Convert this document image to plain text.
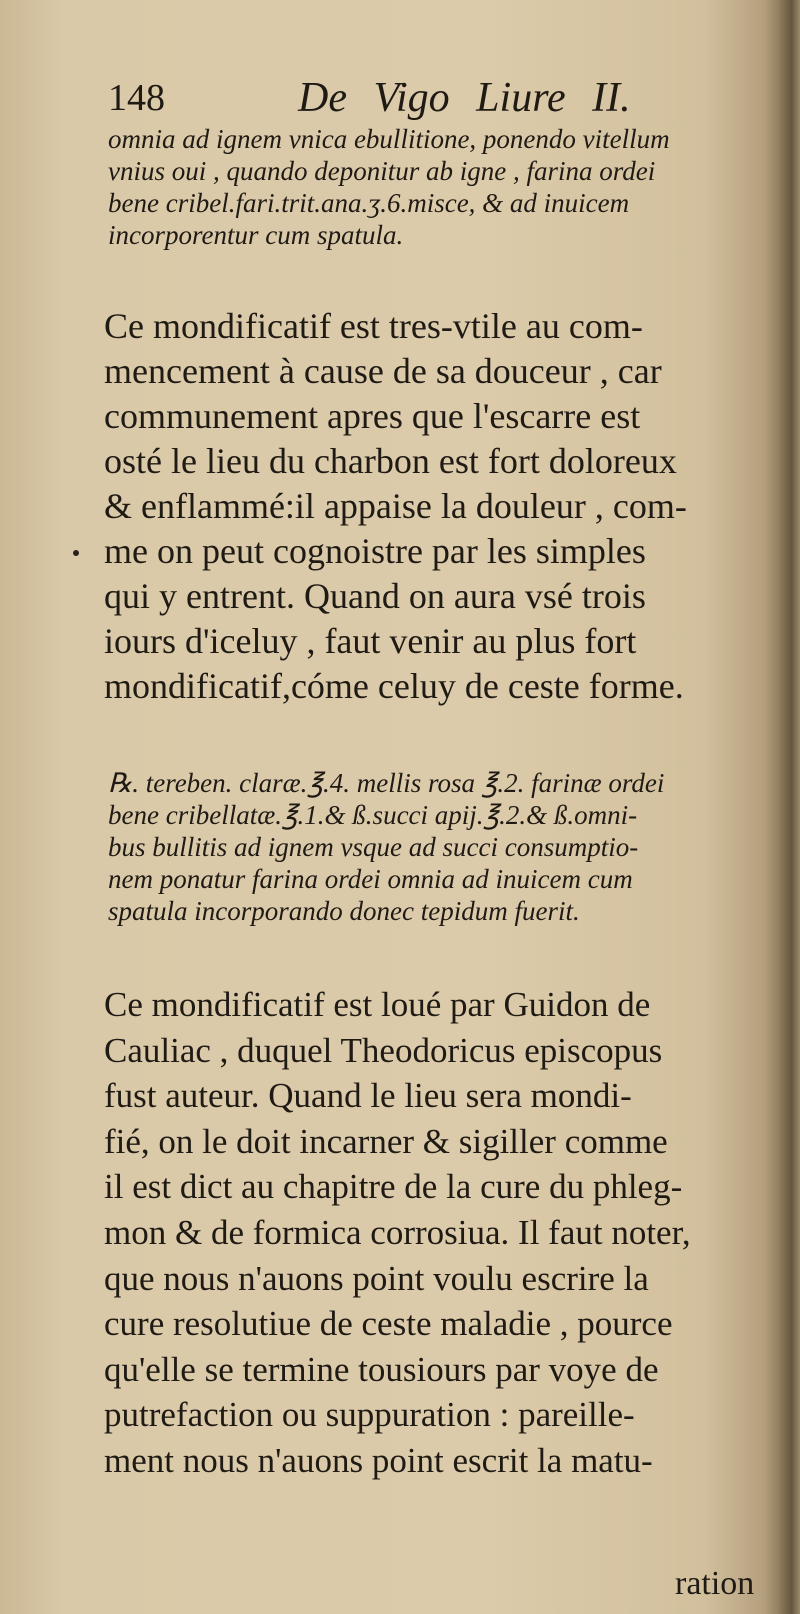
148	De Vigo Liure II.
omnia ad ignem vnica ebullitione, ponendo vitellum
vnius oui , quando deponitur ab igne , farina ordei
bene cribel.fari.trit.ana.ʒ.6.misce, & ad inuicem
incorporentur cum spatula.
Ce mondificatif est tres-vtile au com-
mencement à cause de sa douceur , car
communement apres que l'escarre est
osté le lieu du charbon est fort doloreux
& enflammé:il appaise la douleur , com-
me on peut cognoistre par les simples
qui y entrent. Quand on aura vsé trois
iours d'iceluy , faut venir au plus fort
mondificatif,cóme celuy de ceste forme.
℞. tereben. claræ.℥.4. mellis rosa ℥.2. farinæ ordei
bene cribellatæ.℥.1.& ß.succi apij.℥.2.& ß.omni-
bus bullitis ad ignem vsque ad succi consumptio-
nem ponatur farina ordei omnia ad inuicem cum
spatula incorporando donec tepidum fuerit.
Ce mondificatif est loué par Guidon de
Cauliac , duquel Theodoricus episcopus
fust auteur. Quand le lieu sera mondi-
fié, on le doit incarner & sigiller comme
il est dict au chapitre de la cure du phleg-
mon & de formica corrosiua. Il faut noter,
que nous n'auons point voulu escrire la
cure resolutiue de ceste maladie , pource
qu'elle se termine tousiours par voye de
putrefaction ou suppuration : pareille-
ment nous n'auons point escrit la matu-
ration
